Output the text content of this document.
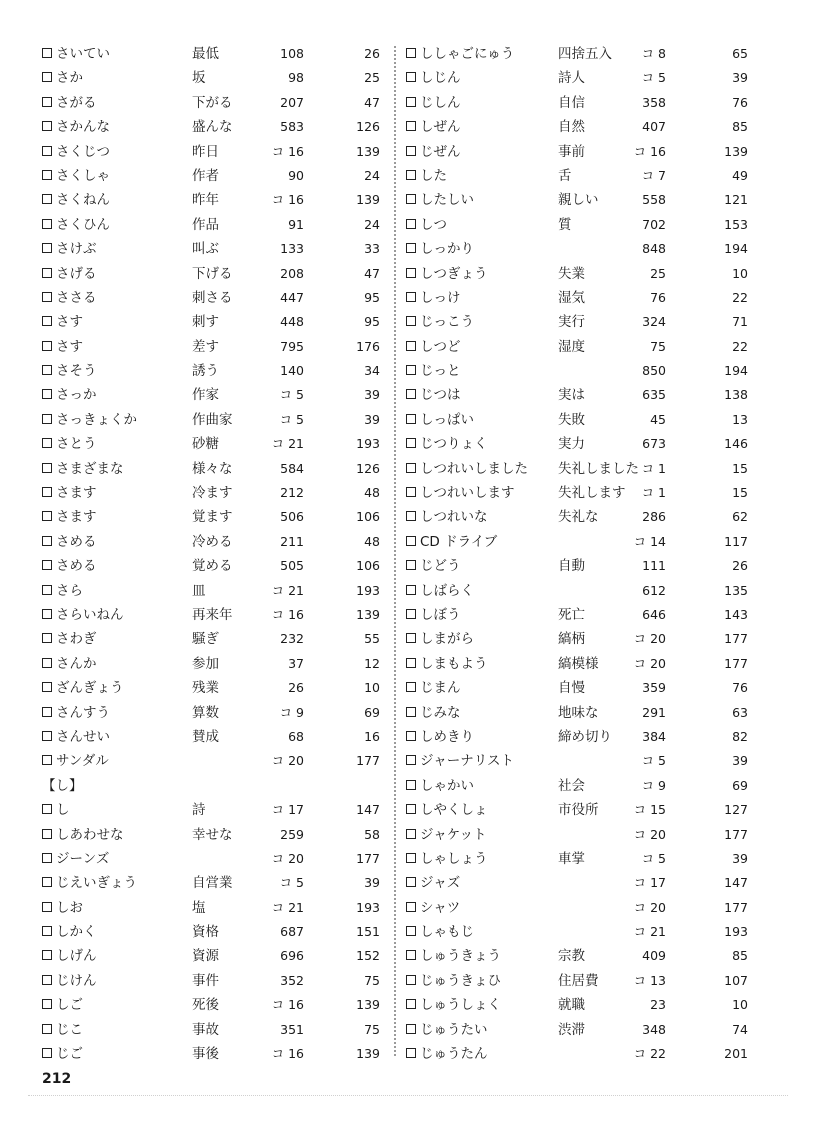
さいてい	最低	108	26
さか	坂	98	25
さがる	下がる	207	47
さかんな	盛んな	583	126
さくじつ	昨日	コ 16	139
さくしゃ	作者	90	24
さくねん	昨年	コ 16	139
さくひん	作品	91	24
さけぶ	叫ぶ	133	33
さげる	下げる	208	47
ささる	刺さる	447	95
さす	刺す	448	95
さす	差す	795	176
さそう	誘う	140	34
さっか	作家	コ 5	39
さっきょくか	作曲家	コ 5	39
さとう	砂糖	コ 21	193
さまざまな	様々な	584	126
さます	冷ます	212	48
さます	覚ます	506	106
さめる	冷める	211	48
さめる	覚める	505	106
さら	皿	コ 21	193
さらいねん	再来年	コ 16	139
さわぎ	騒ぎ	232	55
さんか	参加	37	12
ざんぎょう	残業	26	10
さんすう	算数	コ 9	69
さんせい	賛成	68	16
サンダル	コ 20	177
【し】
し	詩	コ 17	147
しあわせな	幸せな	259	58
ジーンズ	コ 20	177
じえいぎょう	自営業	コ 5	39
しお	塩	コ 21	193
しかく	資格	687	151
しげん	資源	696	152
じけん	事件	352	75
しご	死後	コ 16	139
じこ	事故	351	75
じご	事後	コ 16	139
ししゃごにゅう	四捨五入	コ 8	65
しじん	詩人	コ 5	39
じしん	自信	358	76
しぜん	自然	407	85
じぜん	事前	コ 16	139
した	舌	コ 7	49
したしい	親しい	558	121
しつ	質	702	153
しっかり	848	194
しつぎょう	失業	25	10
しっけ	湿気	76	22
じっこう	実行	324	71
しつど	湿度	75	22
じっと	850	194
じつは	実は	635	138
しっぱい	失敗	45	13
じつりょく	実力	673	146
しつれいしました 失礼しました コ 1	15
しつれいします	失礼します	コ 1	15
しつれいな	失礼な	286	62
CD ドライブ	コ 14	117
じどう	自動	111	26
しばらく	612	135
しぼう	死亡	646	143
しまがら	縞柄	コ 20	177
しまもよう	縞模様	コ 20	177
じまん	自慢	359	76
じみな	地味な	291	63
しめきり	締め切り	384	82
ジャーナリスト	コ 5	39
しゃかい	社会	コ 9	69
しやくしょ	市役所	コ 15	127
ジャケット	コ 20	177
しゃしょう	車掌	コ 5	39
ジャズ	コ 17	147
シャツ	コ 20	177
しゃもじ	コ 21	193
しゅうきょう	宗教	409	85
じゅうきょひ	住居費	コ 13	107
しゅうしょく	就職	23	10
じゅうたい	渋滞	348	74
じゅうたん	コ 22	201
212
